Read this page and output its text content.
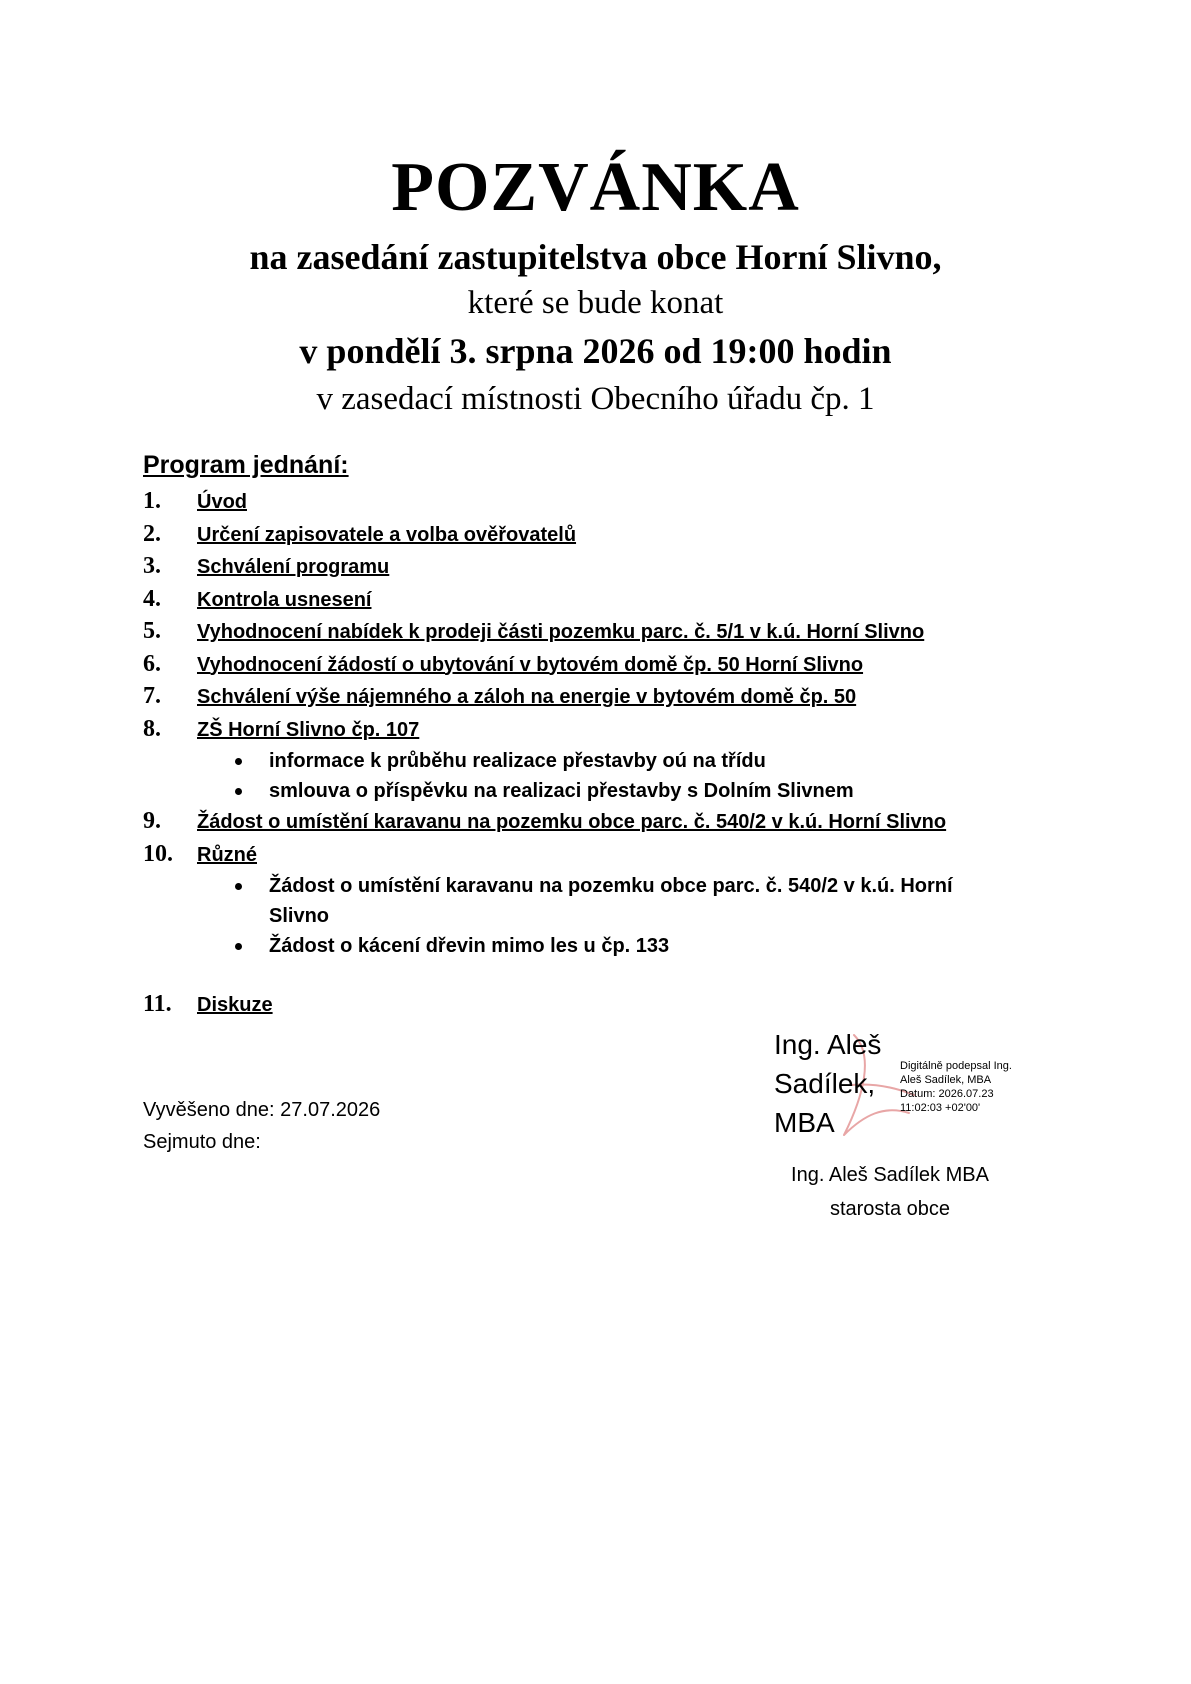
POZVÁNKA
na zasedání zastupitelstva obce Horní Slivno,
které se bude konat
v pondělí 3. srpna 2026 od 19:00 hodin
v zasedací místnosti Obecního úřadu čp. 1
Program jednání:
1.	Úvod
2.	Určení zapisovatele a volba ověřovatelů
3.	Schválení programu
4.	Kontrola usnesení
5.	Vyhodnocení nabídek k prodeji části pozemku parc. č. 5/1 v k.ú. Horní Slivno
6.	Vyhodnocení žádostí o ubytování v bytovém domě čp. 50 Horní Slivno
7.	Schválení výše nájemného a záloh na energie v bytovém domě čp. 50
8.	ZŠ Horní Slivno čp. 107
informace k průběhu realizace přestavby oú na třídu
smlouva o příspěvku na realizaci přestavby s Dolním Slivnem
9.	Žádost o umístění karavanu na pozemku obce parc. č. 540/2 v k.ú. Horní Slivno
10.	Různé
Žádost o umístění karavanu na pozemku obce parc. č. 540/2 v k.ú. Horní Slivno
Žádost o kácení dřevin mimo les u čp. 133
11.	Diskuze
Vyvěšeno dne: 27.07.2026
Sejmuto dne:
Ing. Aleš
Sadílek,
MBA
Digitálně podepsal Ing.
Aleš Sadílek, MBA
Datum: 2026.07.23
11:02:03 +02'00'
Ing. Aleš Sadílek MBA
starosta obce
